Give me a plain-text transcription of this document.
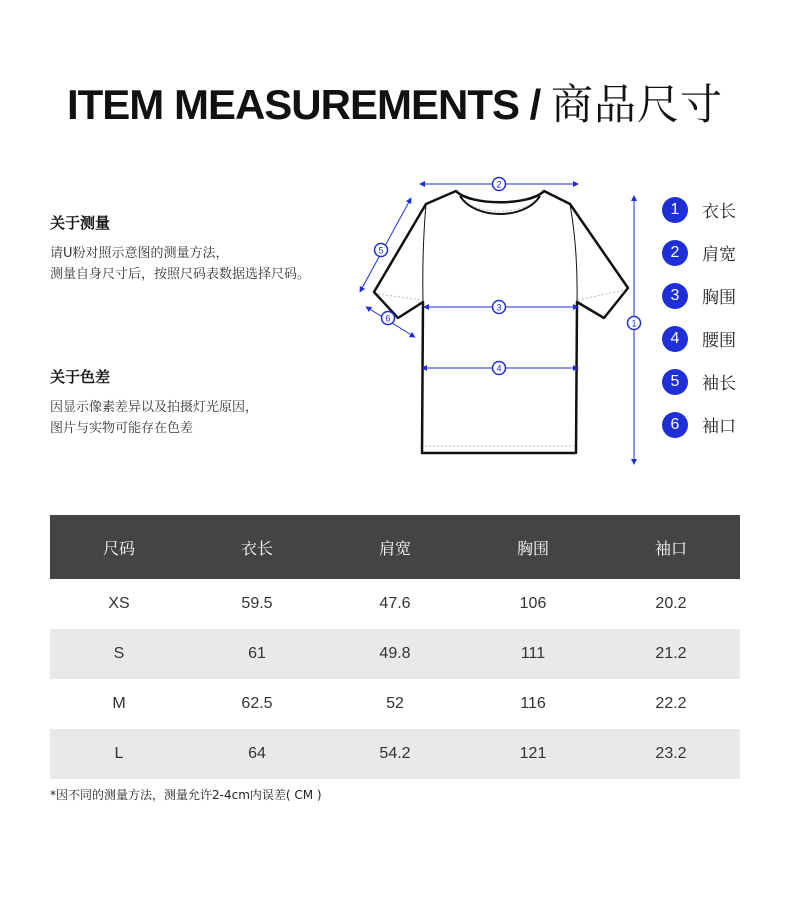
ITEM MEASUREMENTS / 商品尺寸
关于测量

请U粉对照示意图的测量方法，

测量自身尺寸后，按照尺码表数据选择尺码。

关于色差

因显示像素差异以及拍摄灯光原因，

图片与实物可能存在色差

2
3
4
1
5
6
1	衣长
2	肩宽
3	胸围
4	腰围
5	袖长
6	袖口
尺码	衣长	肩宽	胸围	袖口
XS	59.5	47.6	106	20.2
S	61	49.8	111	21.2
M	62.5	52	116	22.2
L	64	54.2	121	23.2
*因不同的测量方法，测量允许2-4cm内误差( CM )
